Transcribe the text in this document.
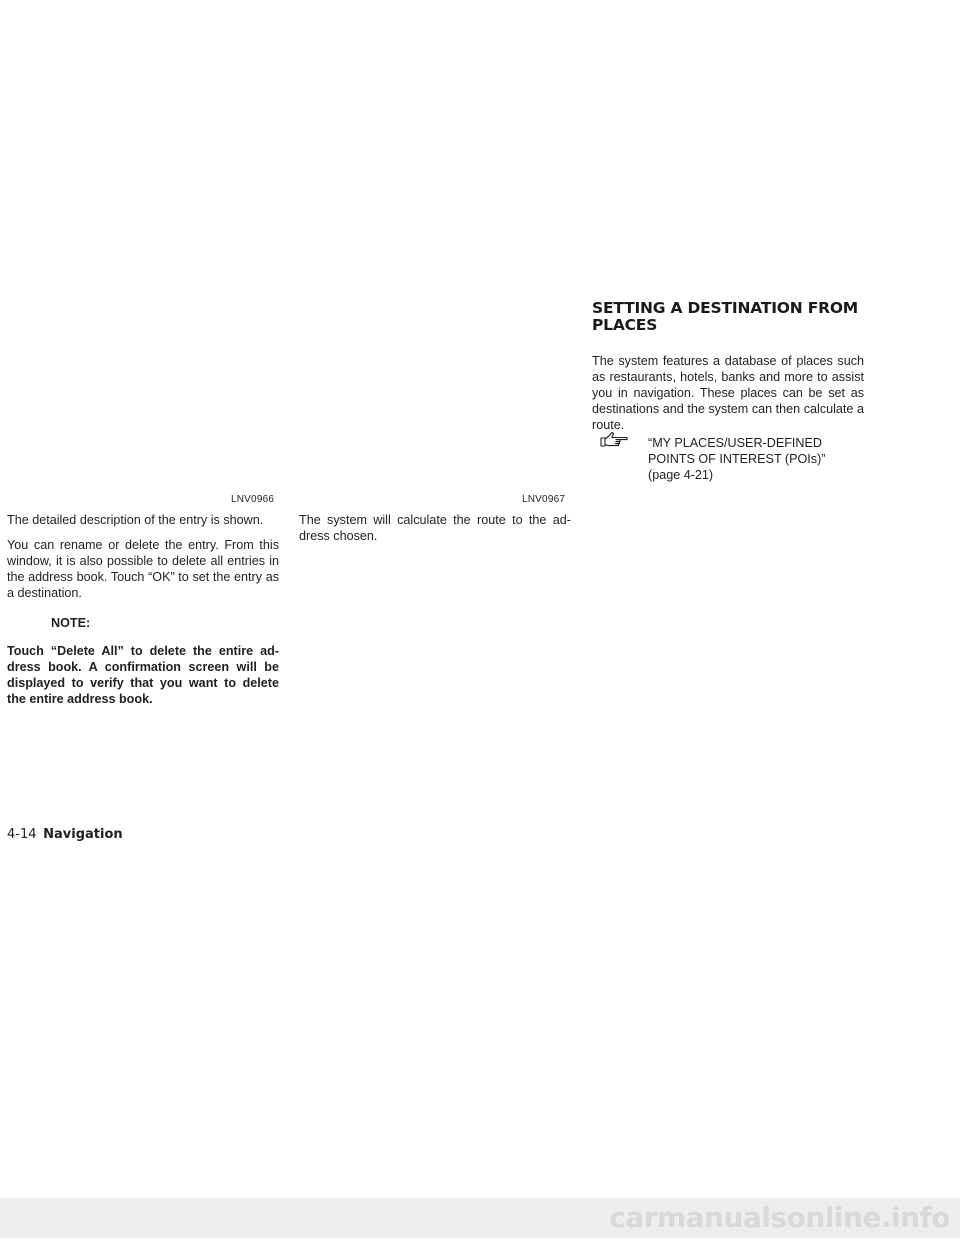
LNV0966	LNV0967

The detailed description of the entry is shown.

You can rename or delete the entry. From this window, it is also possible to delete all entries in the address book. Touch “OK” to set the entry as a destination.

NOTE:

Touch “Delete All” to delete the entire ad-dress book. A confirmation screen will be displayed to verify that you want to delete the entire address book.

The system will calculate the route to the ad-dress chosen.

SETTING A DESTINATION FROM PLACES

The system features a database of places such as restaurants, hotels, banks and more to assist you in navigation. These places can be set as destinations and the system can then calculate a route.

“MY PLACES/USER-DEFINED
POINTS OF INTEREST (POIs)”
(page 4-21)
4-14 Navigation
carmanualsonline.info
